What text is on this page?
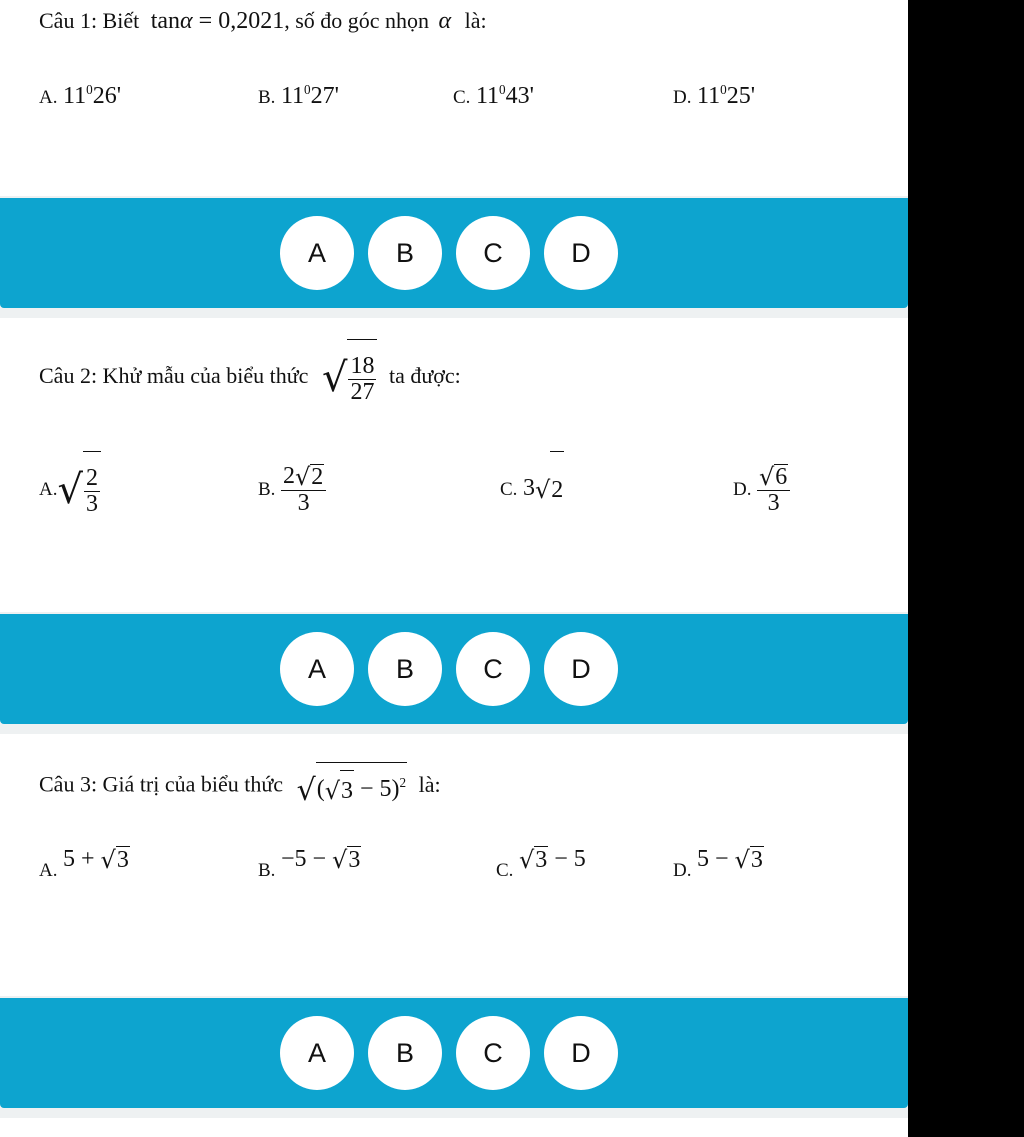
Câu 1: Biết tanα = 0,2021, số đo góc nhọn α là:
A. $11^026'$	B. $11^027'$	C. $11^043'$	D. $11^025'$
A	B	C	D
Câu 2: Khử mẫu của biểu thức √ $\frac{18}{27}$ ta được:
$A.√ \frac{2}{3}$	B. $\frac{2√2}{3}$	C. 3√2	D. $\frac{√6}{3}$
A	B	C	D
Câu 3: Giá trị của biểu thức $√(√3 - 5)^2$ là:
A. 5 + √3	B. −5 − √3	C. √3 − 5	D. 5 − √3
A	B	C	D
